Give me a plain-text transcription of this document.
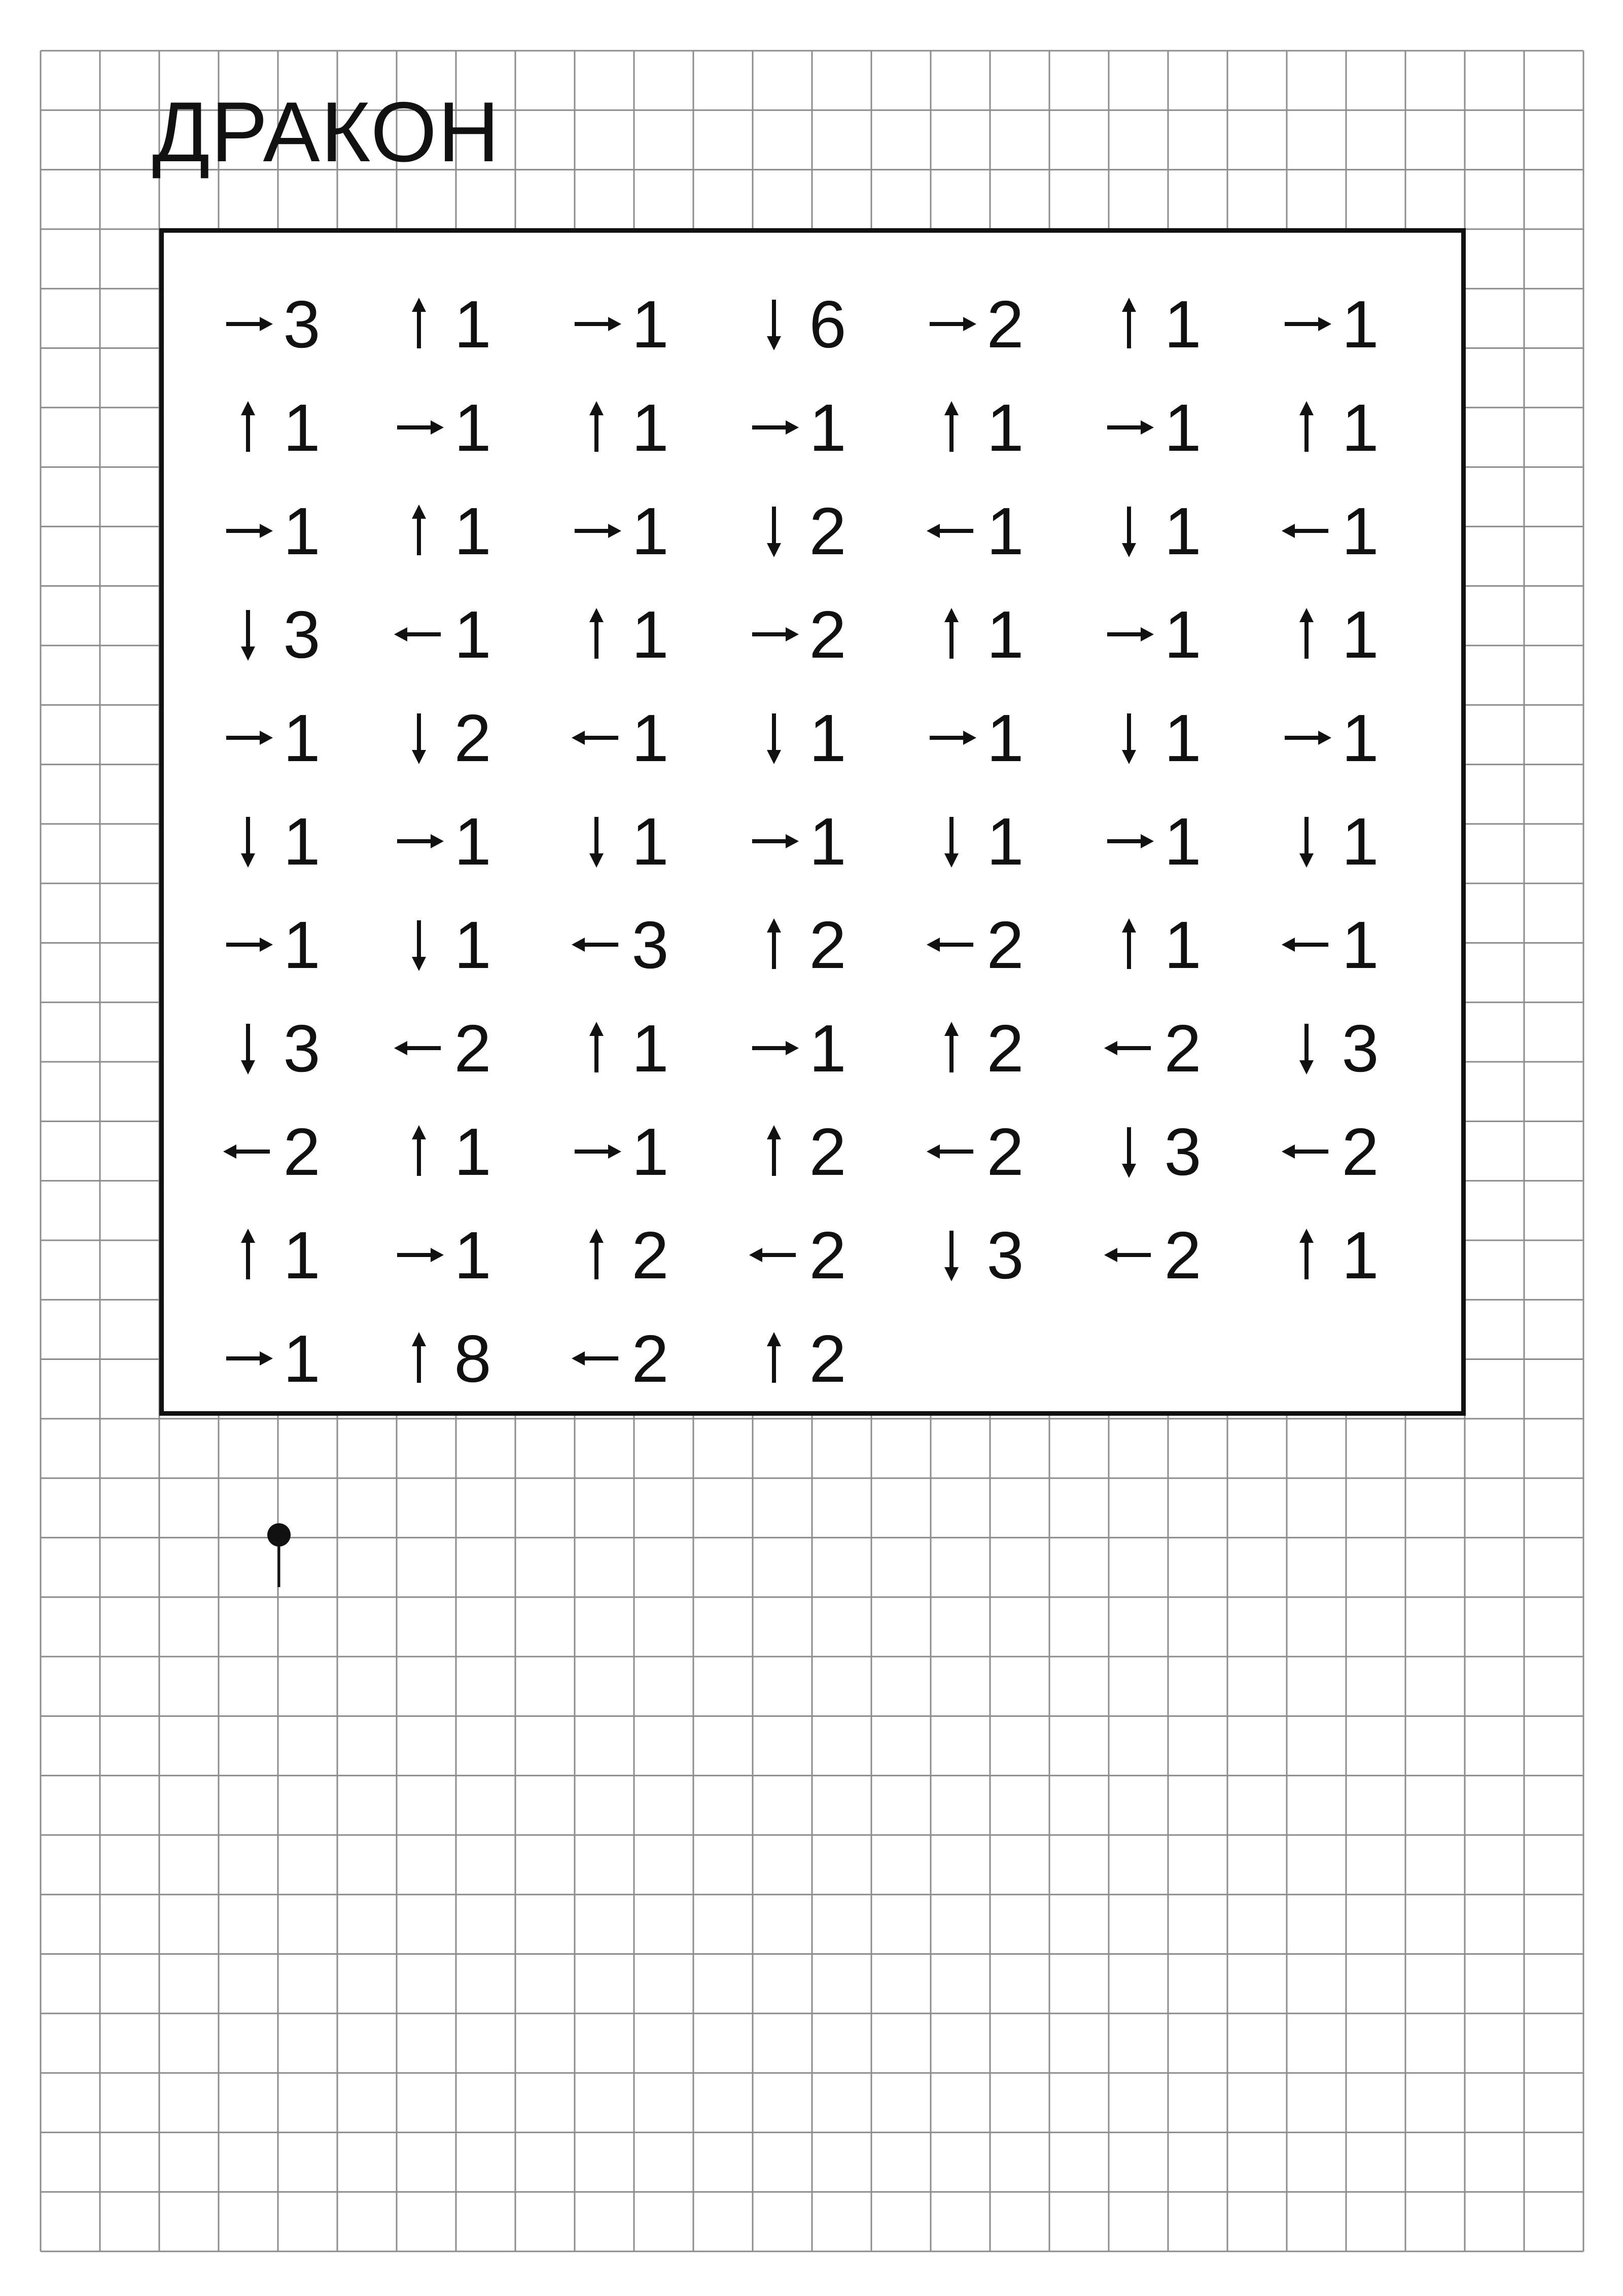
ДРАКОН
3 1 1 6 2 1 1
1 1 1 1 1 1 1
1 1 1 2 1 1 1
3 1 1 2 1 1 1
1 2 1 1 1 1 1
1 1 1 1 1 1 1
1 1 3 2 2 1 1
3 2 1 1 2 2 3
2 1 1 2 2 3 2
1 1 2 2 3 2 1
1 8 2 2
